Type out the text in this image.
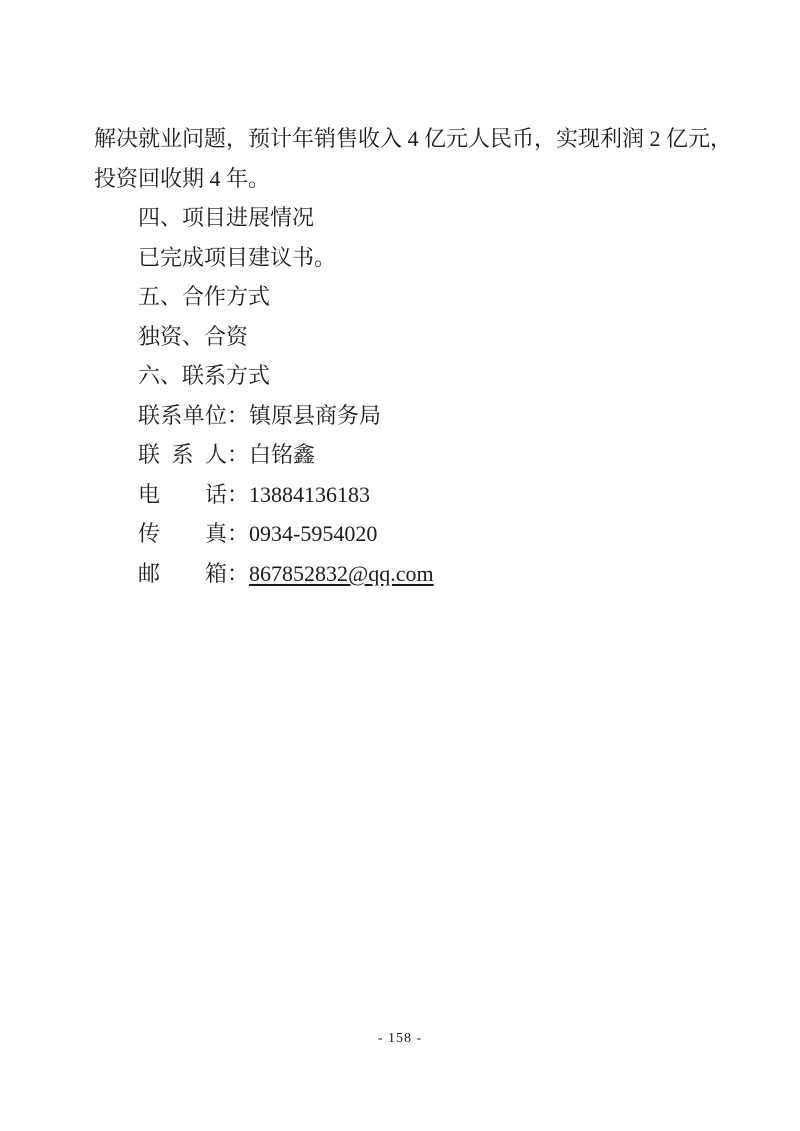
解决就业问题，预计年销售收入 4 亿元人民币，实现利润 2 亿元，
投资回收期 4 年。
四、项目进展情况
已完成项目建议书。
五、合作方式
独资、合资
六、联系方式
联系单位：镇原县商务局
联系人：白铭鑫
电话：13884136183
传真：0934-5954020
邮箱：867852832@qq.com
- 158 -
